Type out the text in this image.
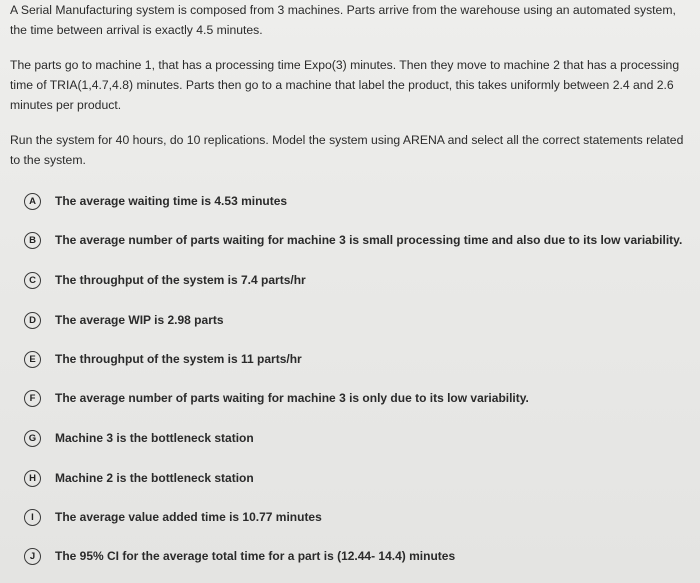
A Serial Manufacturing system is composed from 3 machines. Parts arrive from the warehouse using an automated system, the time between arrival is exactly 4.5 minutes.

The parts go to machine 1, that has a processing time Expo(3) minutes. Then they move to machine 2 that has a processing time of TRIA(1,4.7,4.8) minutes. Parts then go to a machine that label the product, this takes uniformly between 2.4 and 2.6 minutes per product.

Run the system for 40 hours, do 10 replications. Model the system using ARENA and select all the correct statements related to the system.

A	The average waiting time is 4.53 minutes
B	The average number of parts waiting for machine 3 is small processing time and also due to its low variability.
C	The throughput of the system is 7.4 parts/hr
D	The average WIP is 2.98 parts
E	The throughput of the system is 11 parts/hr
F	The average number of parts waiting for machine 3 is only due to its low variability.
G	Machine 3 is the bottleneck station
H	Machine 2 is the bottleneck station
I	The average value added time is 10.77 minutes
J	The 95% CI for the average total time for a part is (12.44- 14.4) minutes
